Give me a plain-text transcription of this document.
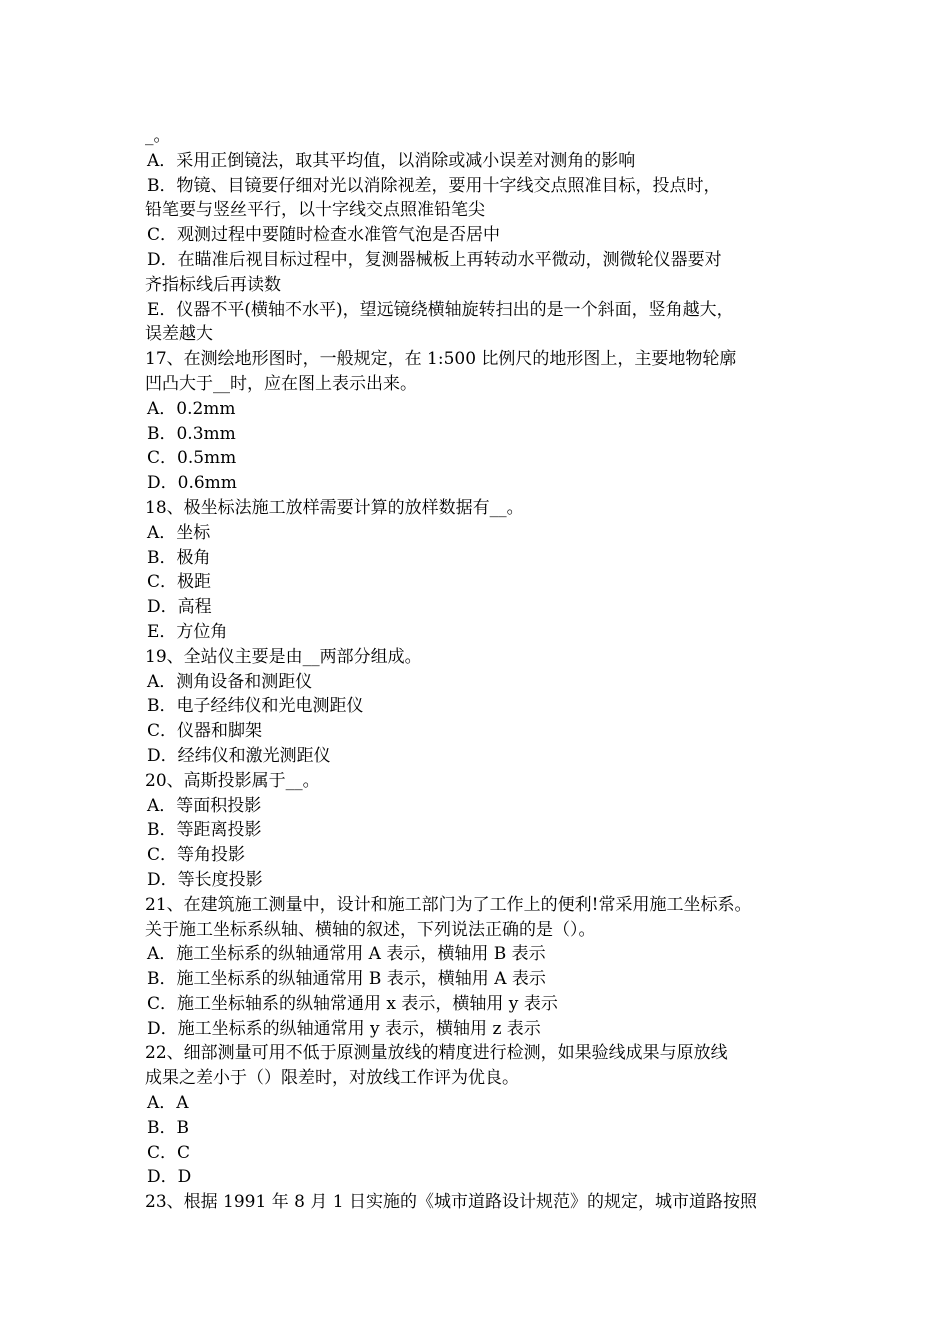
_。
A．采用正倒镜法，取其平均值，以消除或减小误差对测角的影响
B．物镜、目镜要仔细对光以消除视差，要用十字线交点照准目标，投点时，
铅笔要与竖丝平行，以十字线交点照准铅笔尖
C．观测过程中要随时检查水准管气泡是否居中
D．在瞄准后视目标过程中，复测器械板上再转动水平微动，测微轮仪器要对
齐指标线后再读数
E．仪器不平(横轴不水平)，望远镜绕横轴旋转扫出的是一个斜面，竖角越大，
误差越大
17、在测绘地形图时，一般规定，在 1:500 比例尺的地形图上，主要地物轮廓
凹凸大于__时，应在图上表示出来。
A．0.2mm
B．0.3mm
C．0.5mm
D．0.6mm
18、极坐标法施工放样需要计算的放样数据有__。
A．坐标
B．极角
C．极距
D．高程
E．方位角
19、全站仪主要是由__两部分组成。
A．测角设备和测距仪
B．电子经纬仪和光电测距仪
C．仪器和脚架
D．经纬仪和激光测距仪
20、高斯投影属于__。
A．等面积投影
B．等距离投影
C．等角投影
D．等长度投影
21、在建筑施工测量中，设计和施工部门为了工作上的便利!常采用施工坐标系。
关于施工坐标系纵轴、横轴的叙述，下列说法正确的是（）。
A．施工坐标系的纵轴通常用 A 表示，横轴用 B 表示
B．施工坐标系的纵轴通常用 B 表示，横轴用 A 表示
C．施工坐标轴系的纵轴常通用 x 表示，横轴用 y 表示
D．施工坐标系的纵轴通常用 y 表示，横轴用 z 表示
22、细部测量可用不低于原测量放线的精度进行检测，如果验线成果与原放线
成果之差小于（）限差时，对放线工作评为优良。
A．A
B．B
C．C
D．D
23、根据 1991 年 8 月 1 日实施的《城市道路设计规范》的规定，城市道路按照
